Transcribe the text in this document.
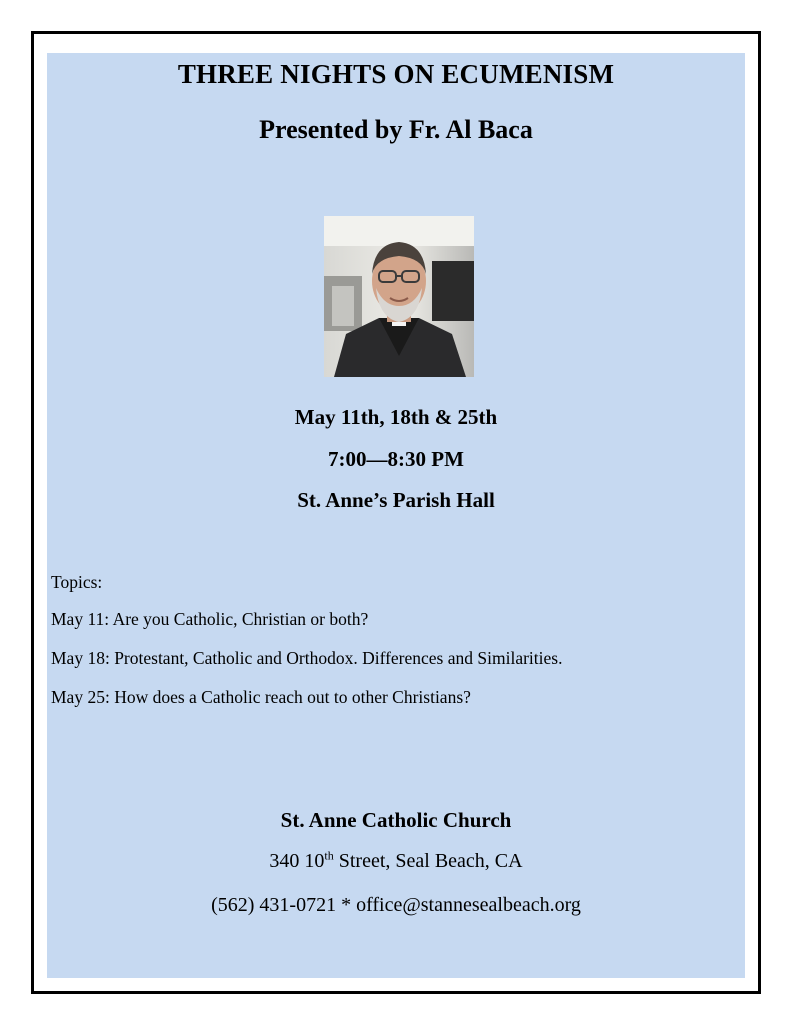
THREE NIGHTS ON ECUMENISM
Presented by Fr. Al Baca
May 11th, 18th & 25th
7:00—8:30 PM
St. Anne’s Parish Hall
Topics:
May 11: Are you Catholic, Christian or both?
May 18: Protestant, Catholic and Orthodox. Differences and Similarities.
May 25: How does a Catholic reach out to other Christians?
St. Anne Catholic Church
340 10th Street, Seal Beach, CA
(562) 431-0721 * office@stannesealbeach.org
